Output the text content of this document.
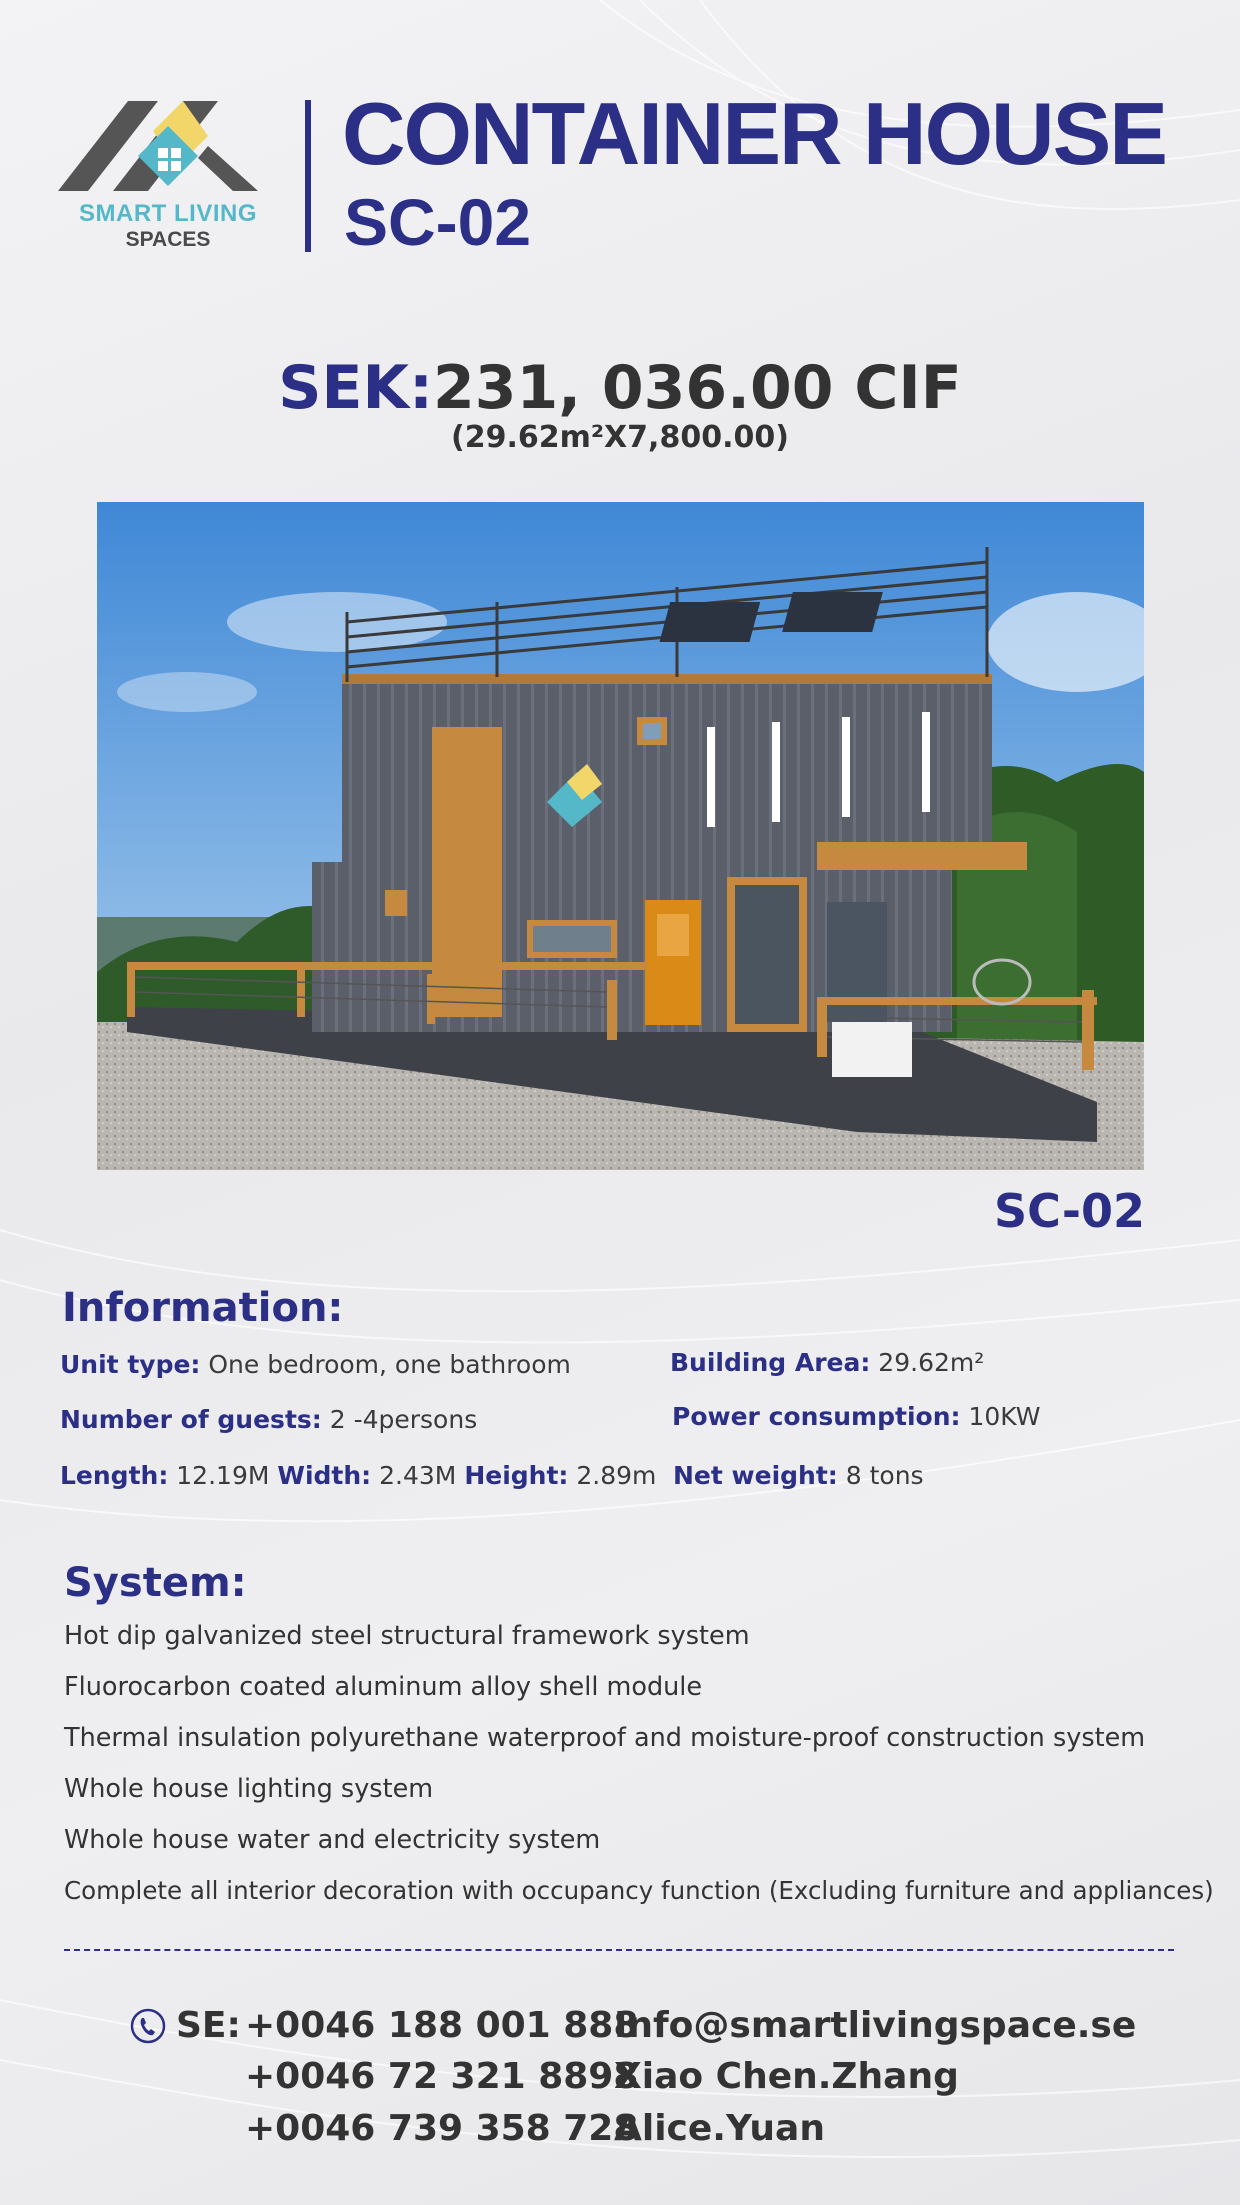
SMART LIVING
SPACES
CONTAINER HOUSE
SC-02
SEK:231, 036.00 CIF
(29.62m²X7,800.00)
SC-02
Information:
Unit type: One bedroom, one bathroom
Number of guests: 2 -4persons
Length: 12.19M Width: 2.43M Height: 2.89m
Building Area: 29.62m²
Power consumption: 10KW
Net weight: 8 tons
System:
Hot dip galvanized steel structural framework system
Fluorocarbon coated aluminum alloy shell module
Thermal insulation polyurethane waterproof and moisture-proof construction system
Whole house lighting system
Whole house water and electricity system
Complete all interior decoration with occupancy function (Excluding furniture and appliances)
SE: +0046 188 001 888
+0046 72 321 8898
+0046 739 358 728
Info@smartlivingspace.se
Xiao Chen.Zhang
Alice.Yuan
